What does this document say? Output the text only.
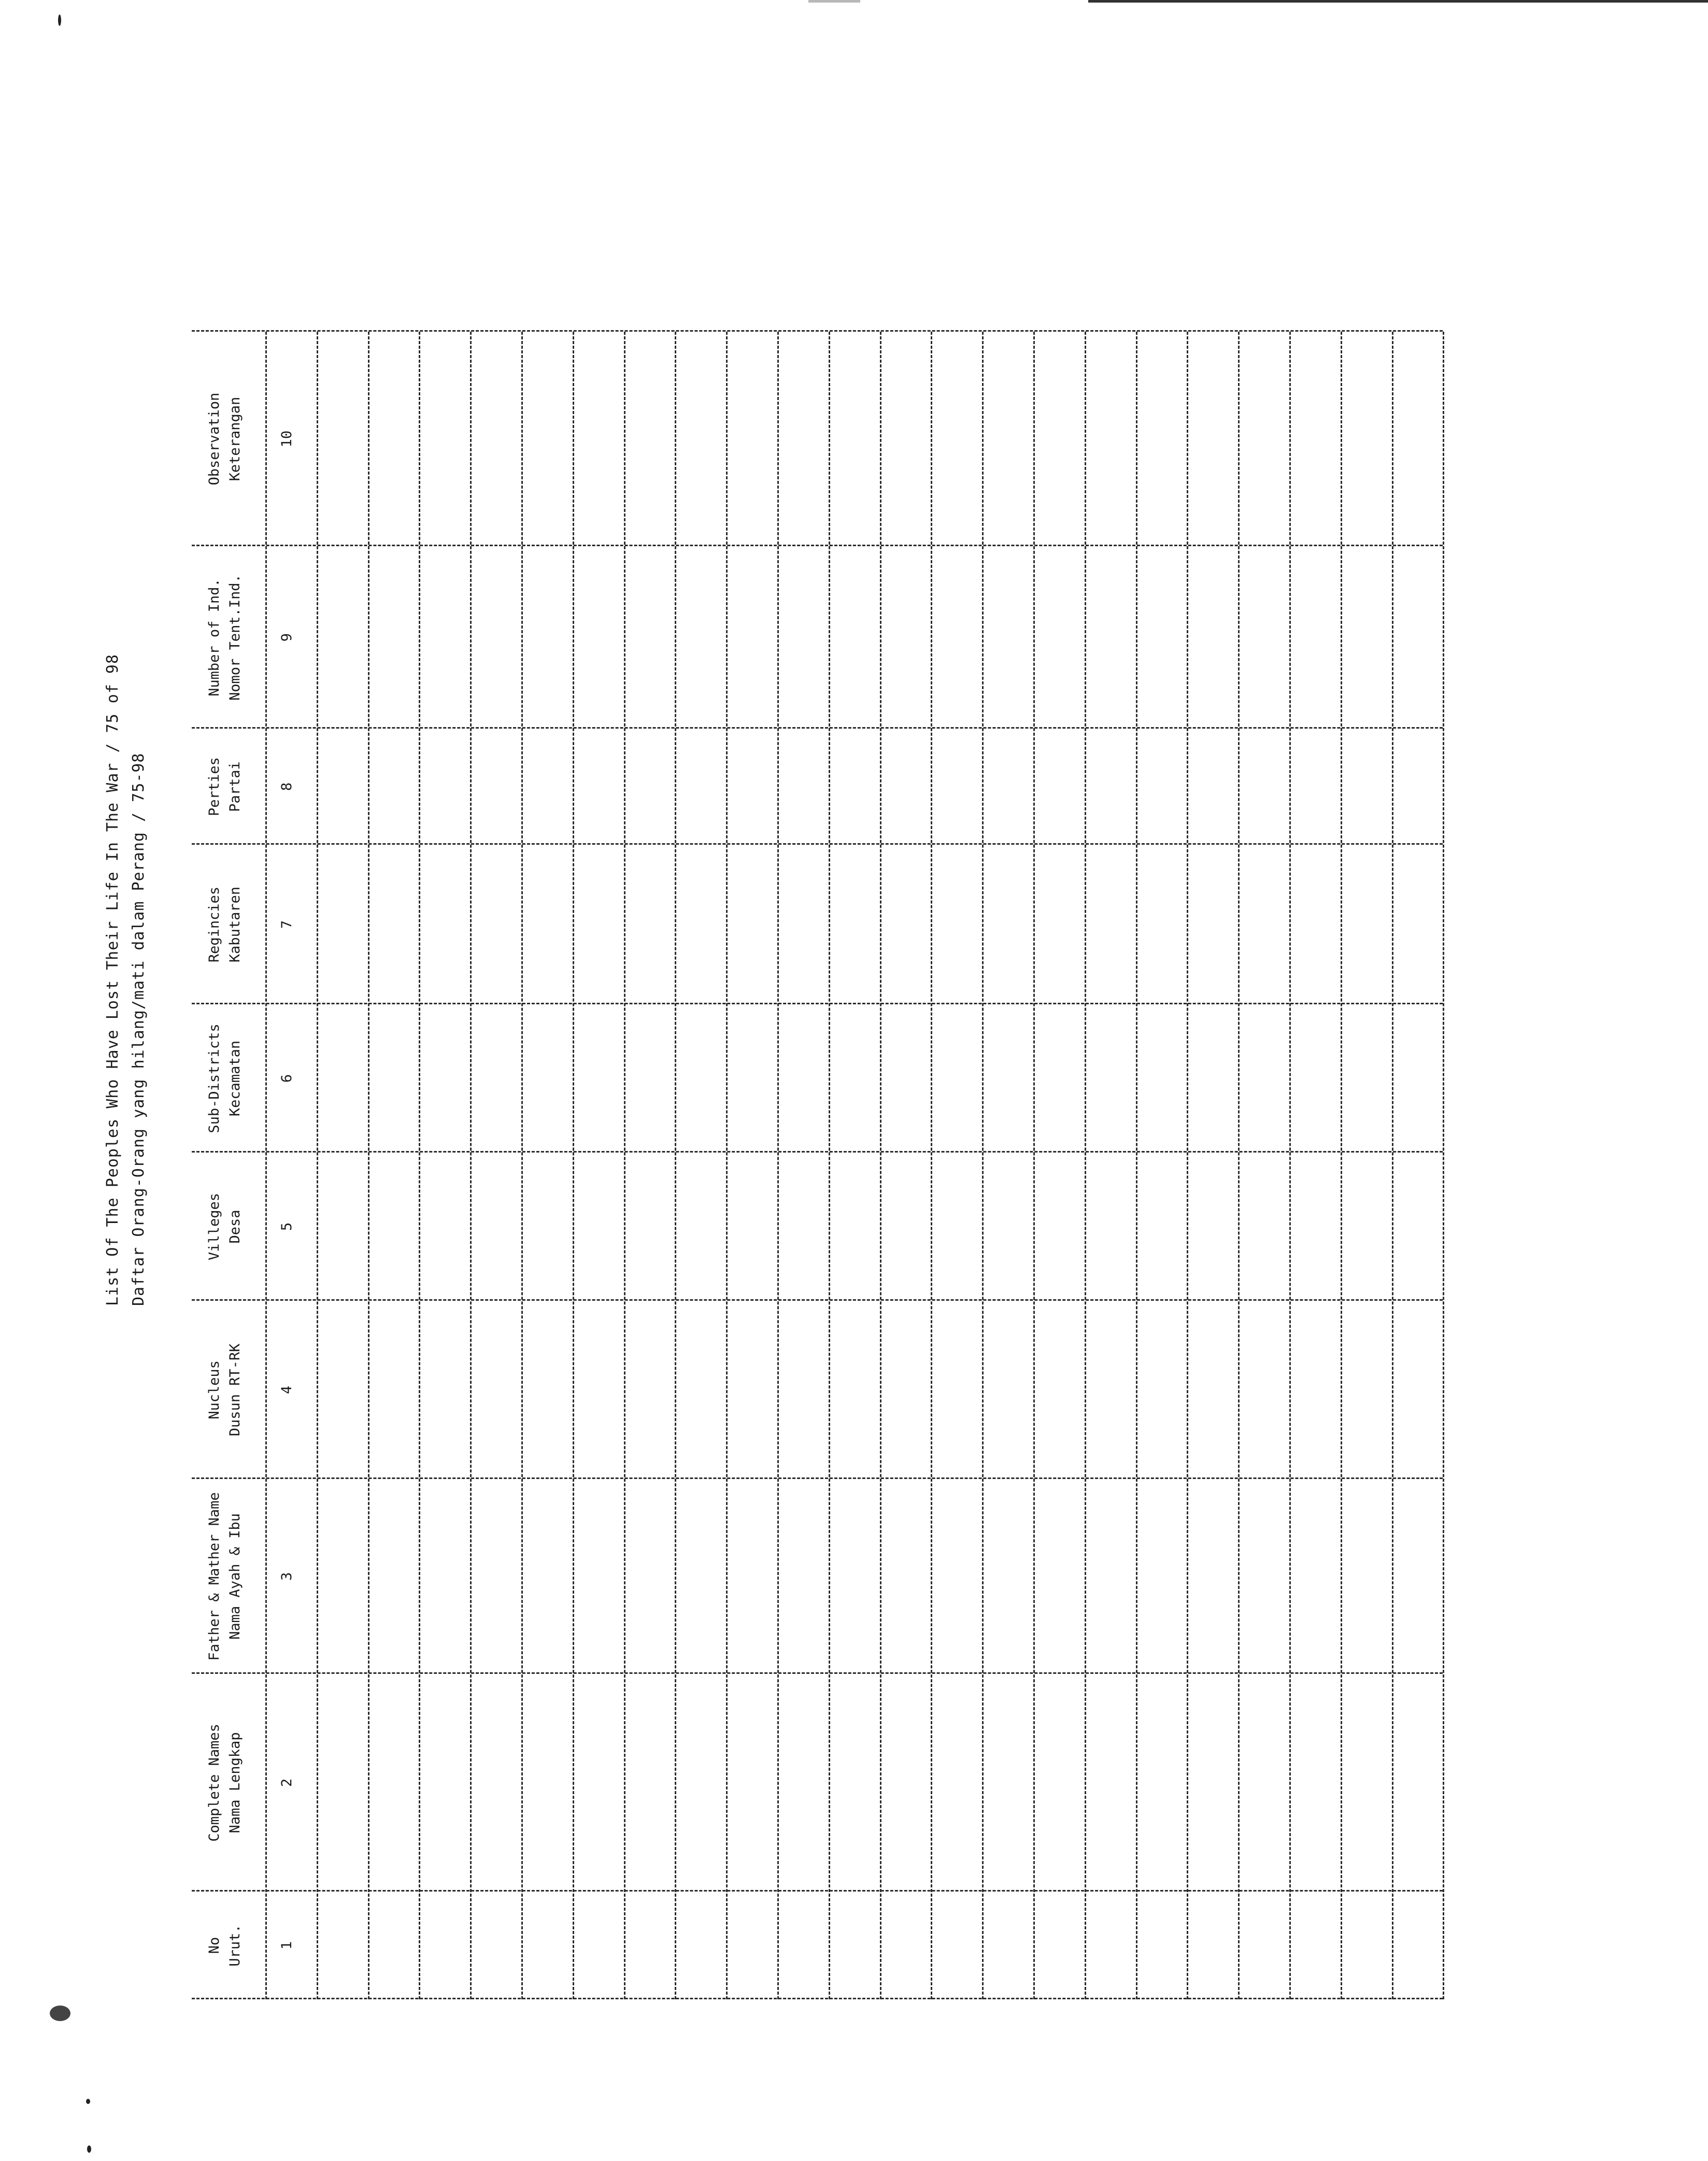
List Of The Peoples Who Have Lost Their Life In The War / 75 of 98 Daftar Orang-Orang yang hilang/mati dalam Perang / 75-98
No Urut.	1
Complete Names Nama Lengkap	2
Father & Mather Name Nama Ayah & Ibu	3
Nucleus Dusun RT-RK	4
Villeges Desa	5
Sub-Districts Kecamatan	6
Regincies Kabutaren	7
Perties Partai	8
Number of Ind. Nomor Tent.Ind.	9
Observation Keterangan	10
